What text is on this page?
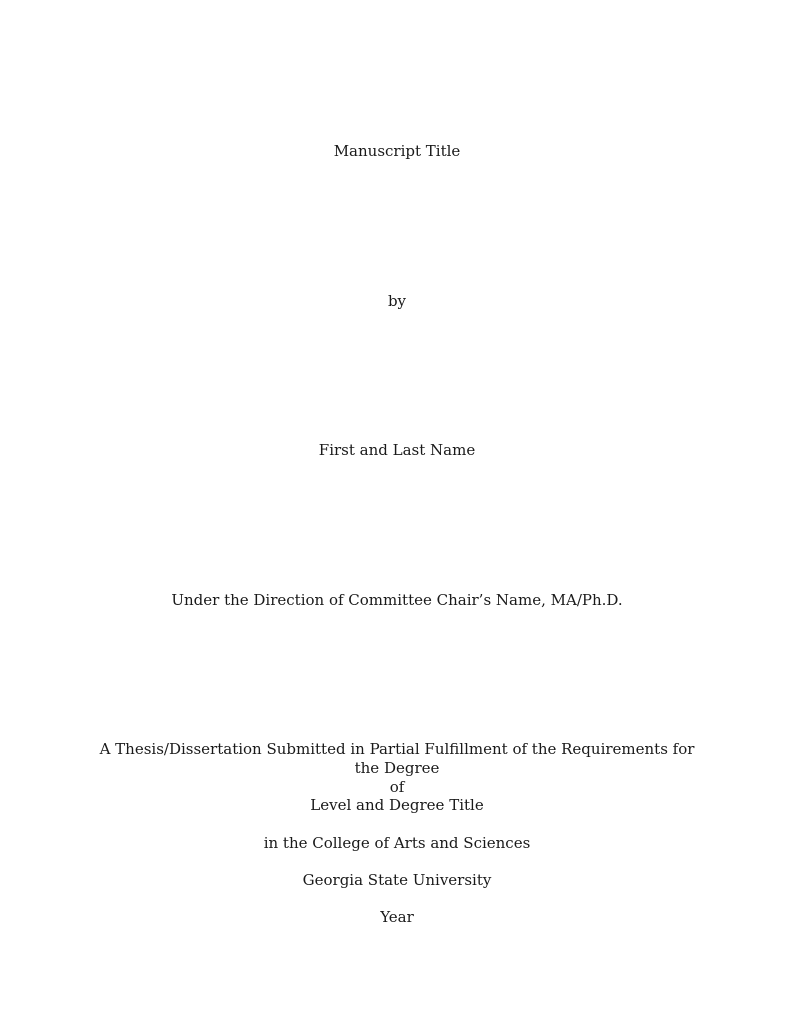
Manuscript Title
by
First and Last Name
Under the Direction of Committee Chair’s Name, MA/Ph.D.
A Thesis/Dissertation Submitted in Partial Fulfillment of the Requirements for the Degree
of
Level and Degree Title
in the College of Arts and Sciences
Georgia State University
Year
